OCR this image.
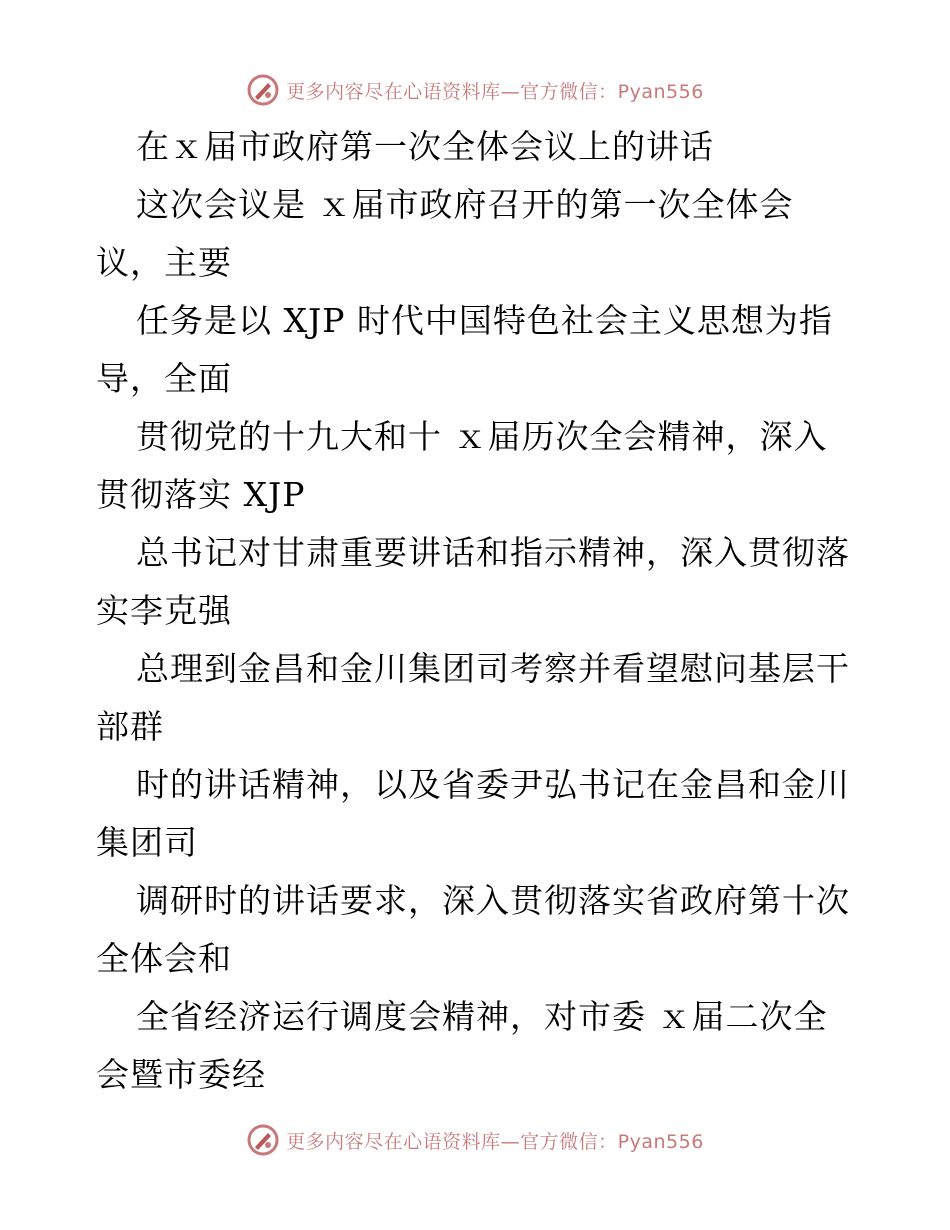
更多内容尽在心语资料库—官方微信：Pyan556
在ｘ届市政府第一次全体会议上的讲话
这次会议是 ｘ届市政府召开的第一次全体会
议，主要
任务是以 XJP 时代中国特色社会主义思想为指
导，全面
贯彻党的十九大和十 ｘ届历次全会精神，深入
贯彻落实 XJP
总书记对甘肃重要讲话和指示精神，深入贯彻落
实李克强
总理到金昌和金川集团司考察并看望慰问基层干
部群
时的讲话精神，以及省委尹弘书记在金昌和金川
集团司
调研时的讲话要求，深入贯彻落实省政府第十次
全体会和
全省经济运行调度会精神，对市委 ｘ届二次全
会暨市委经
更多内容尽在心语资料库—官方微信：Pyan556
